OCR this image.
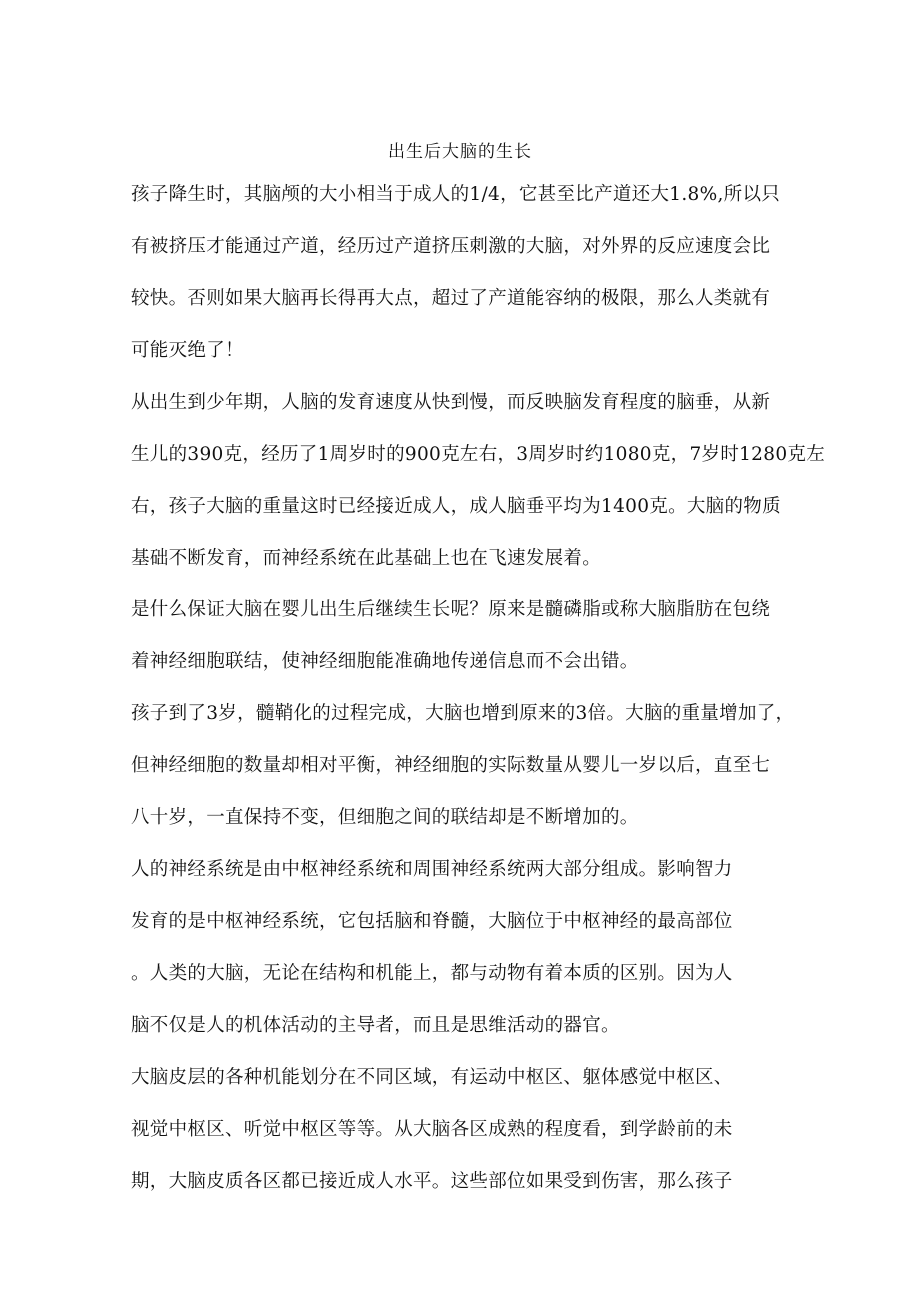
出生后大脑的生长
孩子降生时，其脑颅的大小相当于成人的1/4，它甚至比产道还大1.8%,所以只
有被挤压才能通过产道，经历过产道挤压刺激的大脑，对外界的反应速度会比
较快。否则如果大脑再长得再大点，超过了产道能容纳的极限，那么人类就有
可能灭绝了！
从出生到少年期，人脑的发育速度从快到慢，而反映脑发育程度的脑垂，从新
生儿的390克，经历了1周岁时的900克左右，3周岁时约1080克，7岁时1280克左
右，孩子大脑的重量这时已经接近成人，成人脑垂平均为1400克。大脑的物质
基础不断发育，而神经系统在此基础上也在飞速发展着。
是什么保证大脑在婴儿出生后继续生长呢？原来是髓磷脂或称大脑脂肪在包绕
着神经细胞联结，使神经细胞能准确地传递信息而不会出错。
孩子到了3岁，髓鞘化的过程完成，大脑也增到原来的3倍。大脑的重量增加了，
但神经细胞的数量却相对平衡，神经细胞的实际数量从婴儿一岁以后，直至七
八十岁，一直保持不变，但细胞之间的联结却是不断增加的。
人的神经系统是由中枢神经系统和周围神经系统两大部分组成。影响智力
发育的是中枢神经系统，它包括脑和脊髓，大脑位于中枢神经的最高部位
。人类的大脑，无论在结构和机能上，都与动物有着本质的区别。因为人
脑不仅是人的机体活动的主导者，而且是思维活动的器官。
大脑皮层的各种机能划分在不同区域，有运动中枢区、躯体感觉中枢区、
视觉中枢区、听觉中枢区等等。从大脑各区成熟的程度看，到学龄前的未
期，大脑皮质各区都已接近成人水平。这些部位如果受到伤害，那么孩子
